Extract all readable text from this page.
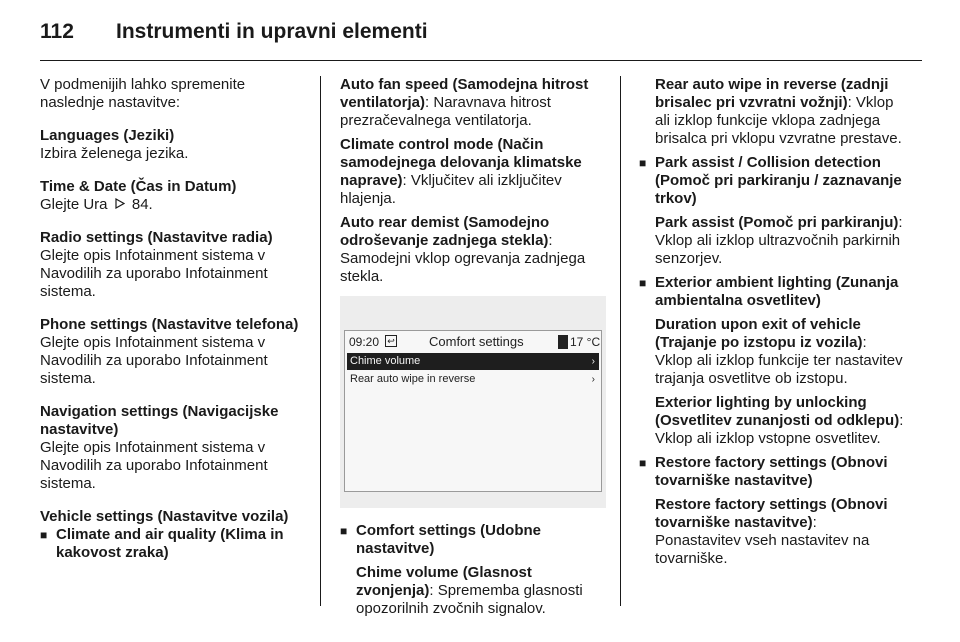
112 Instrumenti in upravni elementi
V podmenijih lahko spremenite naslednje nastavitve:
Languages (Jeziki)
Izbira želenega jezika.
Time & Date (Čas in Datum)
Glejte Ura 84.
Radio settings (Nastavitve radia)
Glejte opis Infotainment sistema v Navodilih za uporabo Infotainment sistema.
Phone settings (Nastavitve telefona)
Glejte opis Infotainment sistema v Navodilih za uporabo Infotainment sistema.
Navigation settings (Navigacijske nastavitve)
Glejte opis Infotainment sistema v Navodilih za uporabo Infotainment sistema.
Vehicle settings (Nastavitve vozila)
■ Climate and air quality (Klima in kakovost zraka)
Auto fan speed (Samodejna hitrost ventilatorja): Naravnava hitrost prezračevalnega ventilatorja.
Climate control mode (Način samodejnega delovanja klimatske naprave): Vključitev ali izključitev hlajenja.
Auto rear demist (Samodejno odroševanje zadnjega stekla): Samodejni vklop ogrevanja zadnjega stekla.
09:20 ↩	Comfort settings	17 °C
Chime volume	›
Rear auto wipe in reverse	›
■ Comfort settings (Udobne nastavitve)
Chime volume (Glasnost zvonjenja): Sprememba glasnosti opozorilnih zvočnih signalov.
Rear auto wipe in reverse (zadnji brisalec pri vzvratni vožnji): Vklop ali izklop funkcije vklopa zadnjega brisalca pri vklopu vzvratne prestave.
■ Park assist / Collision detection (Pomoč pri parkiranju / zaznavanje trkov)
Park assist (Pomoč pri parkiranju): Vklop ali izklop ultrazvočnih parkirnih senzorjev.
■ Exterior ambient lighting (Zunanja ambientalna osvetlitev)
Duration upon exit of vehicle (Trajanje po izstopu iz vozila): Vklop ali izklop funkcije ter nastavitev trajanja osvetlitve ob izstopu.
Exterior lighting by unlocking (Osvetlitev zunanjosti od odklepu): Vklop ali izklop vstopne osvetlitev.
■ Restore factory settings (Obnovi tovarniške nastavitve)
Restore factory settings (Obnovi tovarniške nastavitve): Ponastavitev vseh nastavitev na tovarniške.
